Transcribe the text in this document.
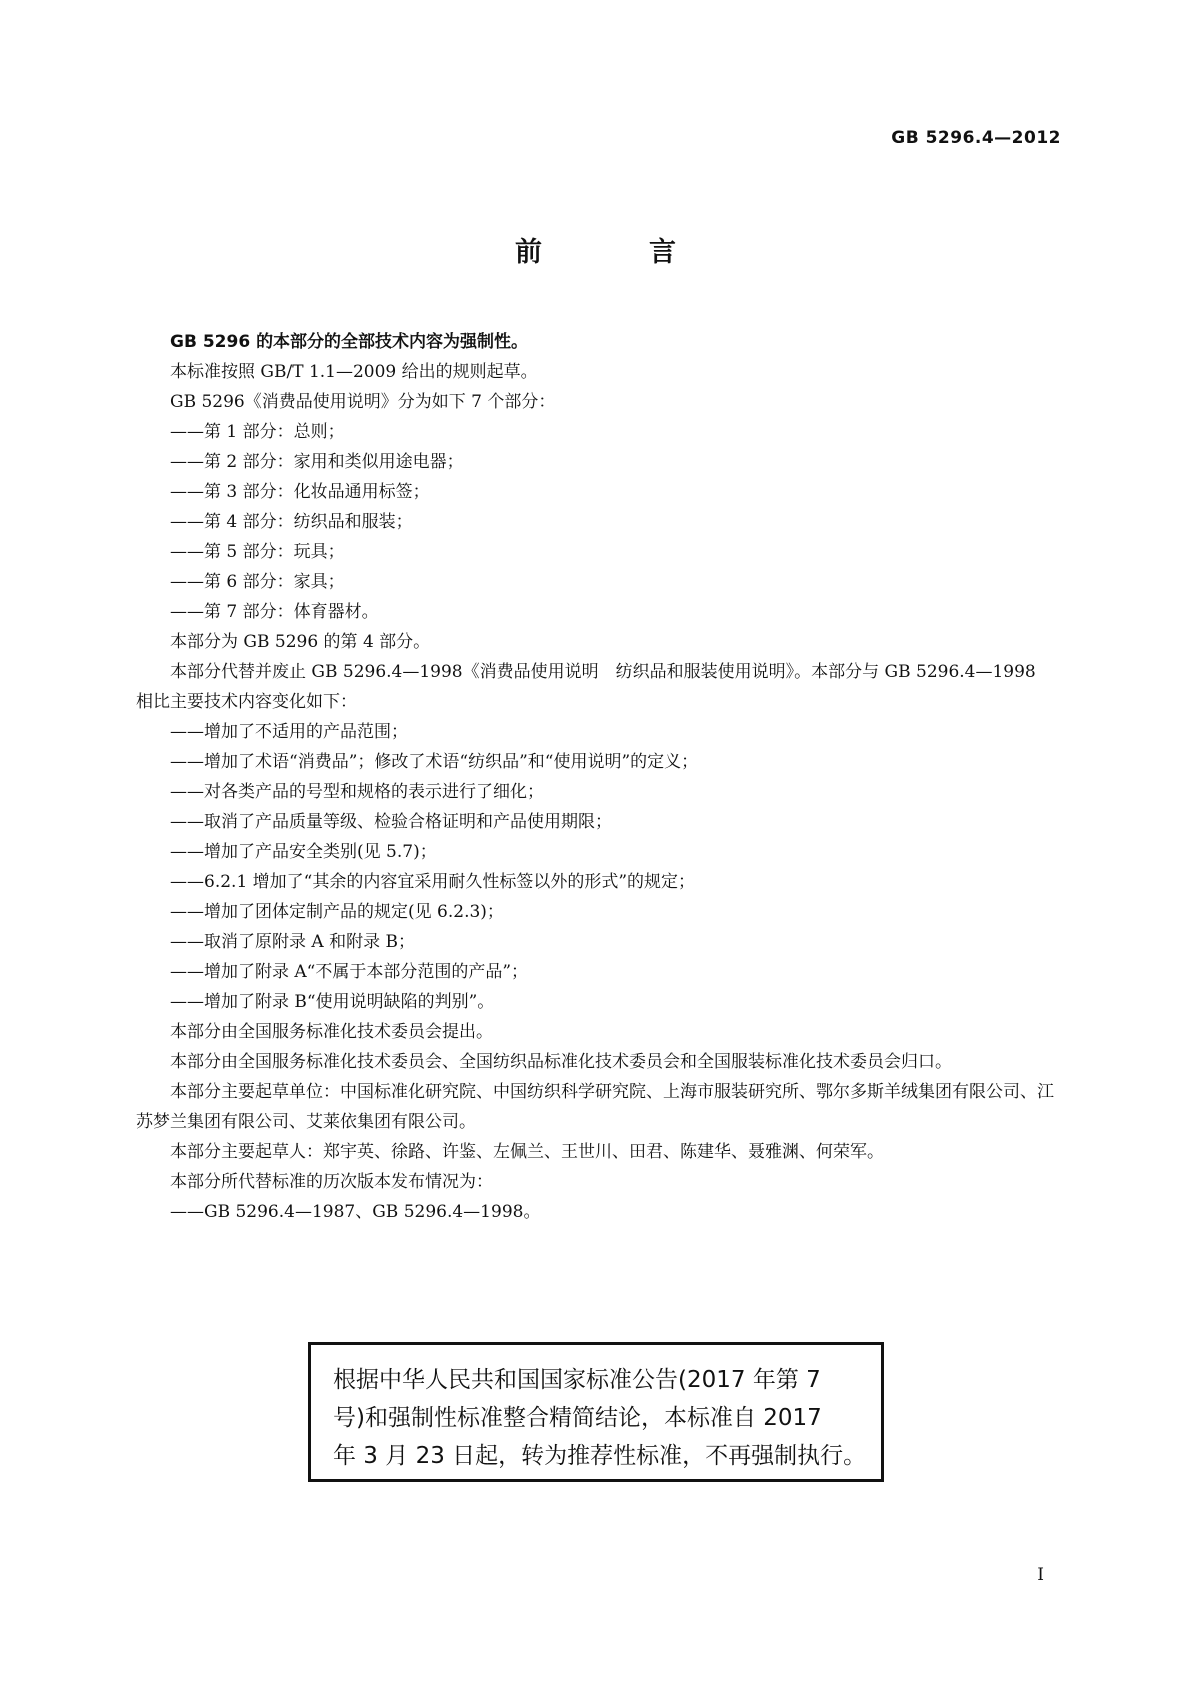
GB 5296.4—2012
前　言

GB 5296 的本部分的全部技术内容为强制性。

本标准按照 GB/T 1.1—2009 给出的规则起草。

GB 5296《消费品使用说明》分为如下 7 个部分：

——第 1 部分：总则；

——第 2 部分：家用和类似用途电器；

——第 3 部分：化妆品通用标签；

——第 4 部分：纺织品和服装；

——第 5 部分：玩具；

——第 6 部分：家具；

——第 7 部分：体育器材。

本部分为 GB 5296 的第 4 部分。

本部分代替并废止 GB 5296.4—1998《消费品使用说明　纺织品和服装使用说明》。本部分与 GB 5296.4—1998 相比主要技术内容变化如下：

——增加了不适用的产品范围；

——增加了术语“消费品”；修改了术语“纺织品”和“使用说明”的定义；

——对各类产品的号型和规格的表示进行了细化；

——取消了产品质量等级、检验合格证明和产品使用期限；

——增加了产品安全类别(见 5.7)；

——6.2.1 增加了“其余的内容宜采用耐久性标签以外的形式”的规定；

——增加了团体定制产品的规定(见 6.2.3)；

——取消了原附录 A 和附录 B；

——增加了附录 A“不属于本部分范围的产品”；

——增加了附录 B“使用说明缺陷的判别”。

本部分由全国服务标准化技术委员会提出。

本部分由全国服务标准化技术委员会、全国纺织品标准化技术委员会和全国服装标准化技术委员会归口。

本部分主要起草单位：中国标准化研究院、中国纺织科学研究院、上海市服装研究所、鄂尔多斯羊绒集团有限公司、江苏梦兰集团有限公司、艾莱依集团有限公司。

本部分主要起草人：郑宇英、徐路、许鉴、左佩兰、王世川、田君、陈建华、聂雅渊、何荣军。

本部分所代替标准的历次版本发布情况为：

——GB 5296.4—1987、GB 5296.4—1998。

根据中华人民共和国国家标准公告(2017 年第 7
号)和强制性标准整合精简结论，本标准自 2017
年 3 月 23 日起，转为推荐性标准，不再强制执行。
I
